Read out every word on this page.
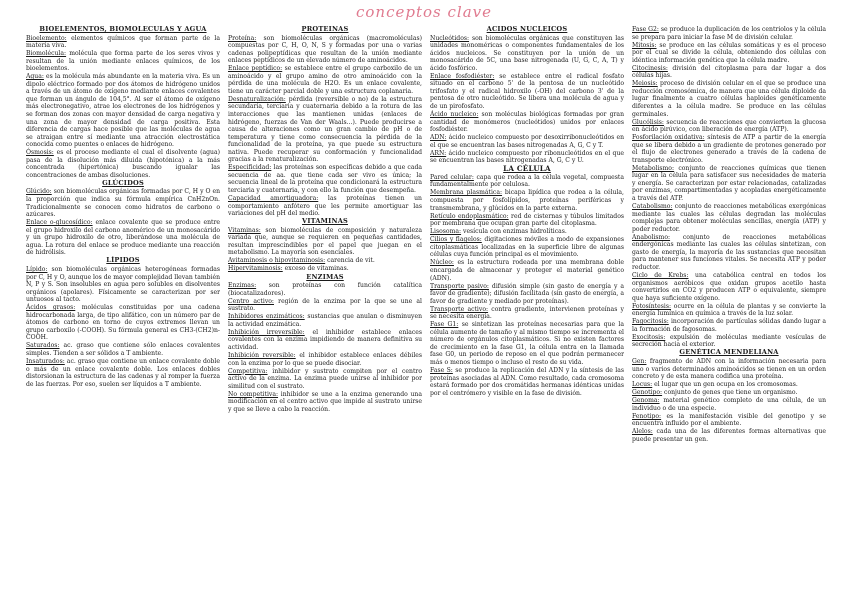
conceptos clave
BIOELEMENTOS, BIOMOLÉCULAS Y AGUA
Bioelemento: elementos químicos que forman parte de la materia viva.
Biomolécula: molécula que forma parte de los seres vivos y resultan de la unión mediante enlaces químicos, de los bioelementos.
Agua: es la molécula más abundante en la materia viva. Es un dipolo eléctrico formado por dos átomos de hidrógeno unidos a través de un átomo de oxígeno mediante enlaces covalentes que forman un ángulo de 104,5°. Al ser el átomo de oxígeno más electronegativo, atrae los electrones de los hidrógenos y se forman dos zonas con mayor densidad de carga negativa y una zona de mayor densidad de carga positiva. Esta diferencia de cargas hace posible que las moléculas de agua se atraigan entre sí mediante una atracción electrostática conocida como puentes o enlaces de hidrógeno.
Ósmosis: es el proceso mediante el cual el disolvente (agua) pasa de la disolución más diluida (hipotónica) a la más concentrada (hipertónica) buscando igualar las concentraciones de ambas disoluciones.
GLÚCIDOS
Glúcido: son biomoléculas orgánicas formadas por C, H y O en la proporción que indica su fórmula empírica CnH2nOn. Tradicionalmente se conocen como hidratos de carbono o azúcares.
Enlace o-glucosídico: enlace covalente que se produce entre el grupo hidroxilo del carbono anomérico de un monosacárido y un grupo hidroxilo de otro, liberándose una molécula de agua. La rotura del enlace se produce mediante una reacción de hidrólisis.
LÍPIDOS
Lípido: son biomoléculas orgánicas heterogéneas formadas por C, H y O, aunque los de mayor complejidad llevan también N, P y S. Son insolubles en agua pero solubles en disolventes orgánicos (apolares). Físicamente se caracterizan por ser untuosos al tacto.
Ácidos grasos: moléculas constituidas por una cadena hidrocarbonada larga, de tipo alifático, con un número par de átomos de carbono en torno de cuyos extremos llevan un grupo carboxilo (-COOH). Su fórmula general es CH3-(CH2)n-COOH.
Saturados: ac. graso que contiene sólo enlaces covalentes simples. Tienden a ser sólidos a T ambiente.
Insaturados: ac. graso que contiene un enlace covalente doble o más de un enlace covalente doble. Los enlaces dobles distorsionan la estructura de las cadenas y al romper la fuerza de las fuerzas. Por eso, suelen ser líquidos a T ambiente.
PROTEÍNAS
Proteína: son biomoléculas orgánicas (macromoléculas) compuestas por C, H, O, N, S y formadas por una o varias cadenas polipeptídicas que resultan de la unión mediante enlaces peptídicos de un elevado número de aminoácidos.
Enlace peptídico: se establece entre el grupo carboxilo de un aminoácido y el grupo amino de otro aminoácido con la pérdida de una molécula de H2O. Es un enlace covalente, tiene un carácter parcial doble y una estructura coplanaria.
Desnaturalización: pérdida (reversible o no) de la estructura secundaria, terciaria y cuaternaria debido a la rotura de las interacciones que las mantienen unidas (enlaces de hidrógeno, fuerzas de Van der Waals...). Puede producirse a causa de alteraciones como un gran cambio de pH o de temperatura y tiene como consecuencia la pérdida de la funcionalidad de la proteína, ya que puede su estructura nativa. Puede recuperar su conformación y funcionalidad gracias a la renaturalización.
Especificidad: las proteínas son específicas debido a que cada secuencia de aa. que tiene cada ser vivo es única; la secuencia lineal de la proteína que condicionará la estructura terciaria y cuaternaria, y con ello la función que desempeña.
Capacidad amortiguadora: las proteínas tienen un comportamiento anfótero que les permite amortiguar las variaciones del pH del medio.
VITAMINAS
Vitaminas: son biomoléculas de composición y naturaleza variada que, aunque se requieren en pequeñas cantidades, resultan imprescindibles por el papel que juegan en el metabolismo. La mayoría son esenciales.
Avitaminosis o hipovitaminosis: carencia de vit.
Hipervitaminosis: exceso de vitaminas.
ENZIMAS
Enzimas: son proteínas con función catalítica (biocatalizadores).
Centro activo: región de la enzima por la que se une al sustrato.
Inhibidores enzimáticos: sustancias que anulan o disminuyen la actividad enzimática.
Inhibición irreversible: el inhibidor establece enlaces covalentes con la enzima impidiendo de manera definitiva su actividad.
Inhibición reversible: el inhibidor establece enlaces débiles con la enzima por lo que se puede disociar.
Competitiva: inhibidor y sustrato compiten por el centro activo de la enzima. La enzima puede unirse al inhibidor por similitud con el sustrato.
No competitiva: inhibidor se une a la enzima generando una modificación en el centro activo que impide al sustrato unirse y que se lleve a cabo la reacción.
ÁCIDOS NUCLEICOS
Nucleótidos: son biomoléculas orgánicas que constituyen las unidades monoméricas o componentes fundamentales de los ácidos nucleicos. Se constituyen por la unión de un monosacárido de 5C, una base nitrogenada (U, G, C, A, T) y ácido fosfórico.
Enlace fosfodiéster: se establece entre el radical fosfato situado en el carbono 5' de la pentosa de un nucleótido trifosfato y el radical hidroxilo (-OH) del carbono 3' de la pentosa de otro nucleótido. Se libera una molécula de agua y de un pirofosfato.
Ácido nucleico: son moléculas biológicas formadas por gran cantidad de monómeros (nucleótidos) unidos por enlaces fosfodiéster.
ADN: ácido nucleico compuesto por desoxirribonucleótidos en el que se encuentran las bases nitrogenadas A, G, C y T.
ARN: ácido nucleico compuesto por ribonucleótidos en el que se encuentran las bases nitrogenadas A, G, C y U.
LA CÉLULA
Pared celular: capa que rodea a la célula vegetal, compuesta fundamentalmente por celulosa.
Membrana plasmática: bicapa lipídica que rodea a la célula, compuesta por fosfolípidos, proteínas periféricas y transmembrana, y glúcidos en la parte externa.
Retículo endoplasmático: red de cisternas y túbulos limitados por membrana que ocupan gran parte del citoplasma.
Lisosoma: vesícula con enzimas hidrolíticas.
Cilios y flagelos: digitaciones móviles a modo de expansiones citoplasmáticas localizadas en la superficie libre de algunas células cuya función principal es el movimiento.
Núcleo: es la estructura rodeada por una membrana doble encargada de almacenar y proteger el material genético (ADN).
Transporte pasivo: difusión simple (sin gasto de energía y a favor de gradiente); difusión facilitada (sin gasto de energía, a favor de gradiente y mediado por proteínas).
Transporte activo: contra gradiente, intervienen proteínas y se necesita energía.
Fase G1: se sintetizan las proteínas necesarias para que la célula aumente de tamaño y al mismo tiempo se incrementa el número de orgánulos citoplasmáticos. Si no existen factores de crecimiento en la fase G1, la célula entra en la llamada fase G0, un periodo de reposo en el que podrán permanecer más o menos tiempo o incluso el resto de su vida.
Fase S: se produce la replicación del ADN y la síntesis de las proteínas asociadas al ADN. Como resultado, cada cromosoma estará formado por dos cromátidas hermanas idénticas unidas por el centrómero y visible en la fase de división.
Fase G2: se produce la duplicación de los centriolos y la célula se prepara para iniciar la fase M de división celular.
Mitosis: se produce en las células somáticas y es el proceso por el cual se divide la célula, obteniendo dos células con idéntica información genética que la célula madre.
Citocinesis: división del citoplasma para dar lugar a dos células hijas.
Meiosis: proceso de división celular en el que se produce una reducción cromosómica, de manera que una célula diploide da lugar finalmente a cuatro células haploides genéticamente diferentes a la célula madre. Se produce en las células germinales.
Glucólisis: secuencia de reacciones que convierten la glucosa en ácido pirúvico, con liberación de energía (ATP).
Fosforilación oxidativa: síntesis de ATP a partir de la energía que se libera debido a un gradiente de protones generado por el flujo de electrones generado a través de la cadena de transporte electrónico.
Metabolismo: conjunto de reacciones químicas que tienen lugar en la célula para satisfacer sus necesidades de materia y energía. Se caracterizan por estar relacionadas, catalizadas por enzimas, compartimentadas y acopladas energéticamente a través del ATP.
Catabolismo: conjunto de reacciones metabólicas exergónicas mediante las cuales las células degradan las moléculas complejas para obtener moléculas sencillas, energía (ATP) y poder reductor.
Anabolismo: conjunto de reacciones metabólicas endergónicas mediante las cuales las células sintetizan, con gasto de energía, la mayoría de las sustancias que necesitan para mantener sus funciones vitales. Se necesita ATP y poder reductor.
Ciclo de Krebs: una catabólica central en todos los organismos aeróbicos que oxidan grupos acetilo hasta convertirlos en CO2 y producen ATP o equivalente, siempre que haya suficiente oxígeno.
Fotosíntesis: ocurre en la célula de plantas y se convierte la energía lumínica en química a través de la luz solar.
Fagocitosis: incorporación de partículas sólidas dando lugar a la formación de fagosomas.
Exocitosis: expulsión de moléculas mediante vesículas de secreción hacia el exterior.
GENÉTICA MENDELIANA
Gen: fragmento de ADN con la información necesaria para uno o varios determinados aminoácidos se tienen en un orden concreto y de esta manera codifica una proteína.
Locus: el lugar que un gen ocupa en los cromosomas.
Genotipo: conjunto de genes que tiene un organismo.
Genoma: material genético completo de una célula, de un individuo o de una especie.
Fenotipo: es la manifestación visible del genotipo y se encuentra influido por el ambiente.
Alelos: cada una de las diferentes formas alternativas que puede presentar un gen.
